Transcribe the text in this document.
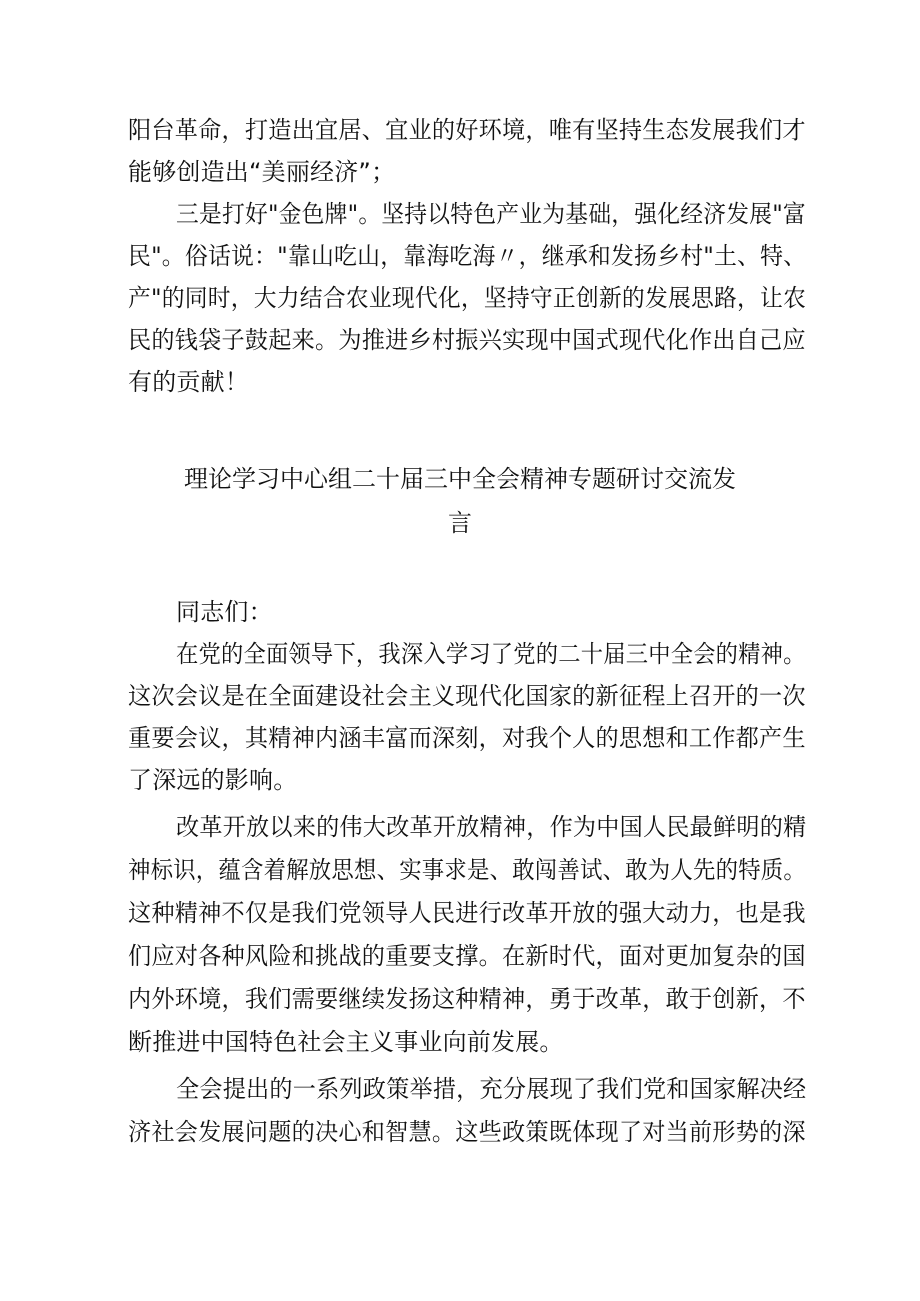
阳台革命，打造出宜居、宜业的好环境，唯有坚持生态发展我们才
能够创造出“美丽经济”；
三是打好"金色牌"。坚持以特色产业为基础，强化经济发展"富
民"。俗话说："靠山吃山，靠海吃海〃，继承和发扬乡村"土、特、
产"的同时，大力结合农业现代化，坚持守正创新的发展思路，让农
民的钱袋子鼓起来。为推进乡村振兴实现中国式现代化作出自己应
有的贡献！
理论学习中心组二十届三中全会精神专题研讨交流发
言
同志们：
在党的全面领导下，我深入学习了党的二十届三中全会的精神。
这次会议是在全面建设社会主义现代化国家的新征程上召开的一次
重要会议，其精神内涵丰富而深刻，对我个人的思想和工作都产生
了深远的影响。
改革开放以来的伟大改革开放精神，作为中国人民最鲜明的精
神标识，蕴含着解放思想、实事求是、敢闯善试、敢为人先的特质。
这种精神不仅是我们党领导人民进行改革开放的强大动力，也是我
们应对各种风险和挑战的重要支撑。在新时代，面对更加复杂的国
内外环境，我们需要继续发扬这种精神，勇于改革，敢于创新，不
断推进中国特色社会主义事业向前发展。
全会提出的一系列政策举措，充分展现了我们党和国家解决经
济社会发展问题的决心和智慧。这些政策既体现了对当前形势的深
